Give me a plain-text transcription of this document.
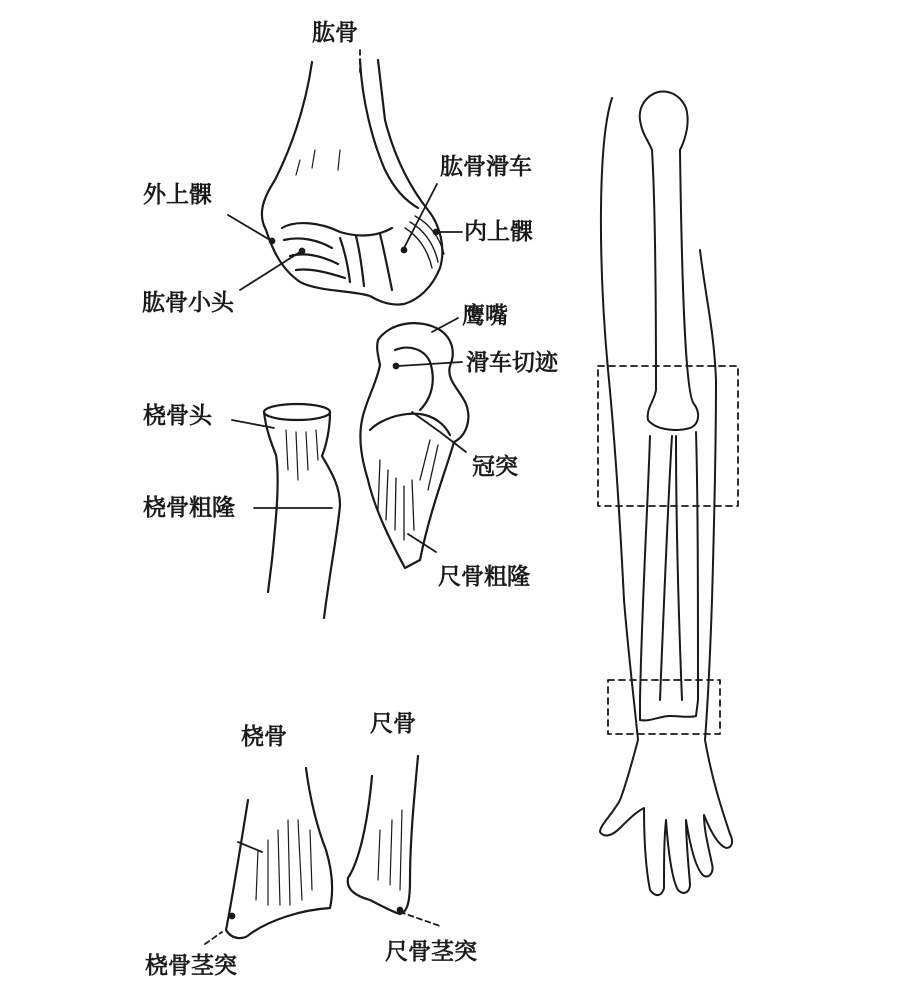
肱骨
肱骨滑车
外上髁
内上髁
肱骨小头	鹰嘴
滑车切迹
桡骨头
冠突
桡骨粗隆
尺骨粗隆
桡骨	尺骨
桡骨茎突
尺骨茎突
